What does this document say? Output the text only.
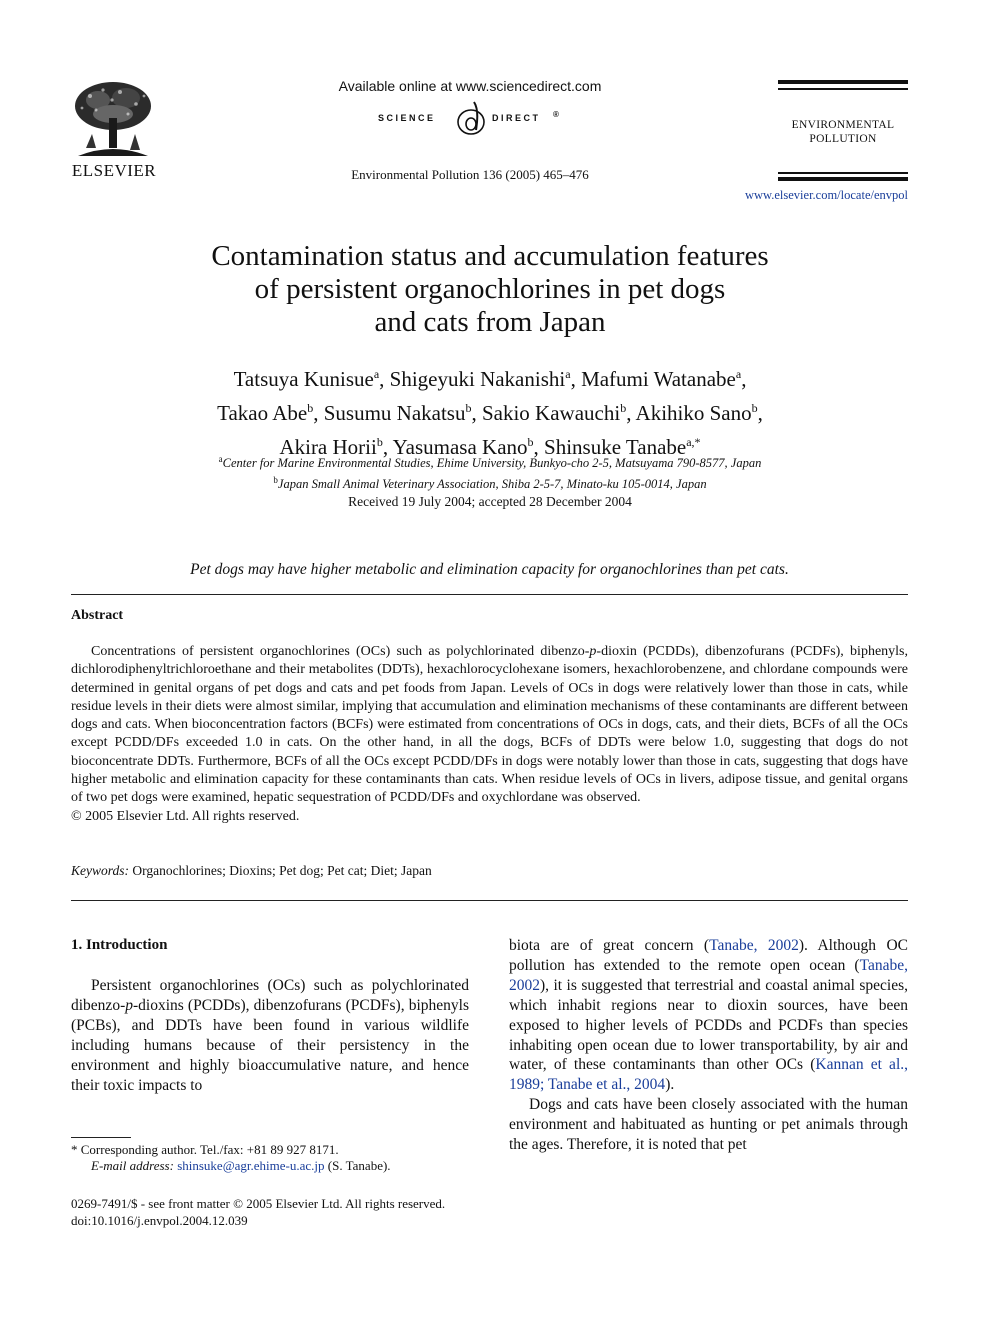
ELSEVIER
Available online at www.sciencedirect.com
SCIENCE	DIRECT ®
Environmental Pollution 136 (2005) 465–476
ENVIRONMENTAL
POLLUTION
www.elsevier.com/locate/envpol
Contamination status and accumulation features
of persistent organochlorines in pet dogs
and cats from Japan
Tatsuya Kunisue$^a$, Shigeyuki Nakanishi$^a$, Mafumi Watanabe$^a$,
Takao Abe$^b$, Susumu Nakatsu$^b$, Sakio Kawauchi$^b$, Akihiko Sano$^b$,
Akira Horii$^b$, Yasumasa Kano$^b$, Shinsuke Tanabe$^{a,*}$
$^a$Center for Marine Environmental Studies, Ehime University, Bunkyo-cho 2-5, Matsuyama 790-8577, Japan
$^b$Japan Small Animal Veterinary Association, Shiba 2-5-7, Minato-ku 105-0014, Japan
Received 19 July 2004; accepted 28 December 2004
Pet dogs may have higher metabolic and elimination capacity for organochlorines than pet cats.
Abstract

Concentrations of persistent organochlorines (OCs) such as polychlorinated dibenzo-p-dioxin (PCDDs), dibenzofurans (PCDFs), biphenyls, dichlorodiphenyltrichloroethane and their metabolites (DDTs), hexachlorocyclohexane isomers, hexachlorobenzene, and chlordane compounds were determined in genital organs of pet dogs and cats and pet foods from Japan. Levels of OCs in dogs were relatively lower than those in cats, while residue levels in their diets were almost similar, implying that accumulation and elimination mechanisms of these contaminants are different between dogs and cats. When bioconcentration factors (BCFs) were estimated from concentrations of OCs in dogs, cats, and their diets, BCFs of all the OCs except PCDD/DFs exceeded 1.0 in cats. On the other hand, in all the dogs, BCFs of DDTs were below 1.0, suggesting that dogs do not bioconcentrate DDTs. Furthermore, BCFs of all the OCs except PCDD/DFs in dogs were notably lower than those in cats, suggesting that dogs have higher metabolic and elimination capacity for these contaminants than cats. When residue levels of OCs in livers, adipose tissue, and genital organs of two pet dogs were examined, hepatic sequestration of PCDD/DFs and oxychlordane was observed.
© 2005 Elsevier Ltd. All rights reserved.

Keywords: Organochlorines; Dioxins; Pet dog; Pet cat; Diet; Japan
1. Introduction

Persistent organochlorines (OCs) such as polychlorinated dibenzo-p-dioxins (PCDDs), dibenzofurans (PCDFs), biphenyls (PCBs), and DDTs have been found in various wildlife including humans because of their persistency in the environment and highly bioaccumulative nature, and hence their toxic impacts to

biota are of great concern (Tanabe, 2002). Although OC pollution has extended to the remote open ocean (Tanabe, 2002), it is suggested that terrestrial and coastal animal species, which inhabit regions near to dioxin sources, have been exposed to higher levels of PCDDs and PCDFs than species inhabiting open ocean due to lower transportability, by air and water, of these contaminants than other OCs (Kannan et al., 1989; Tanabe et al., 2004).

Dogs and cats have been closely associated with the human environment and habituated as hunting or pet animals through the ages. Therefore, it is noted that pet

* Corresponding author. Tel./fax: +81 89 927 8171.
E-mail address: shinsuke@agr.ehime-u.ac.jp (S. Tanabe).
0269-7491/$ - see front matter © 2005 Elsevier Ltd. All rights reserved.
doi:10.1016/j.envpol.2004.12.039
